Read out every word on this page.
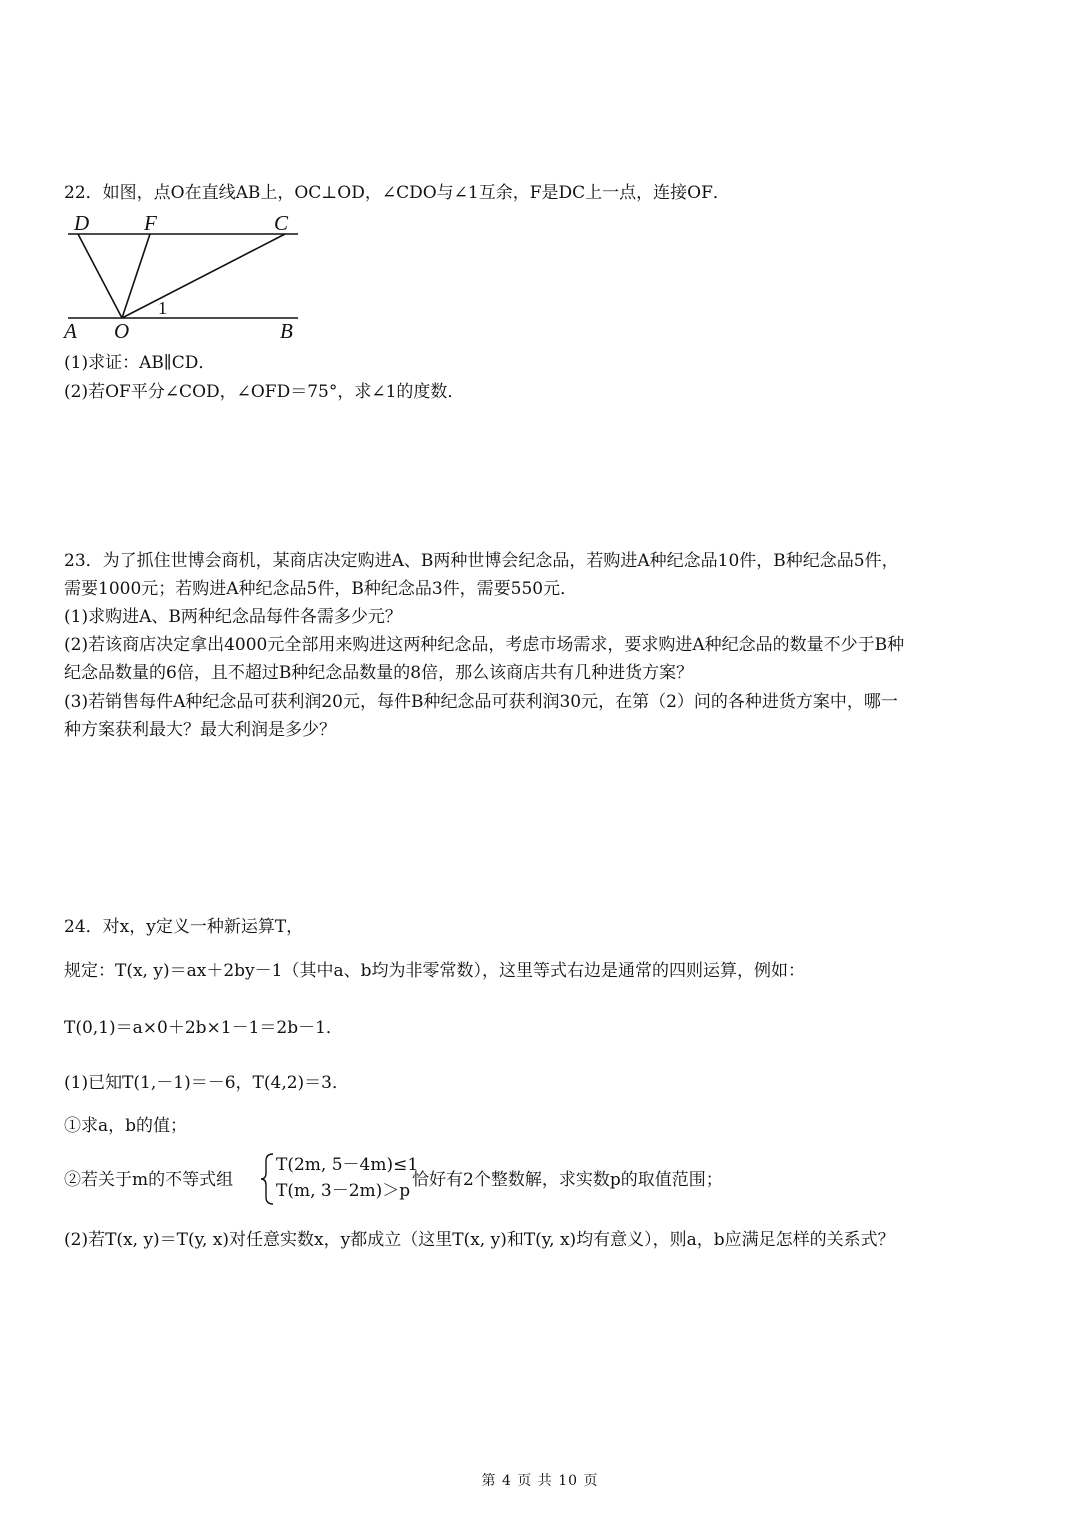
22．如图，点O在直线AB上，OC⊥OD，∠CDO与∠1互余，F是DC上一点，连接OF．
D	F	C
A O	B
1
(1)求证：AB∥CD．
(2)若OF平分∠COD，∠OFD＝75°，求∠1的度数．
23．为了抓住世博会商机，某商店决定购进A、B两种世博会纪念品，若购进A种纪念品10件，B种纪念品5件，
需要1000元；若购进A种纪念品5件，B种纪念品3件，需要550元．
(1)求购进A、B两种纪念品每件各需多少元？
(2)若该商店决定拿出4000元全部用来购进这两种纪念品，考虑市场需求，要求购进A种纪念品的数量不少于B种
纪念品数量的6倍，且不超过B种纪念品数量的8倍，那么该商店共有几种进货方案？
(3)若销售每件A种纪念品可获利润20元，每件B种纪念品可获利润30元，在第（2）问的各种进货方案中，哪一
种方案获利最大？最大利润是多少？
24．对x，y定义一种新运算T，
规定：T(x, y)＝ax＋2by－1（其中a、b均为非零常数），这里等式右边是通常的四则运算，例如：
T(0,1)＝a×0＋2b×1－1＝2b－1．
(1)已知T(1,－1)＝－6，T(4,2)＝3．
①求a，b的值；
②若关于m的不等式组
T(2m, 5－4m)≤1
T(m, 3－2m)＞p
恰好有2个整数解，求实数p的取值范围；
(2)若T(x, y)＝T(y, x)对任意实数x，y都成立（这里T(x, y)和T(y, x)均有意义），则a，b应满足怎样的关系式？
第 4 页 共 10 页
